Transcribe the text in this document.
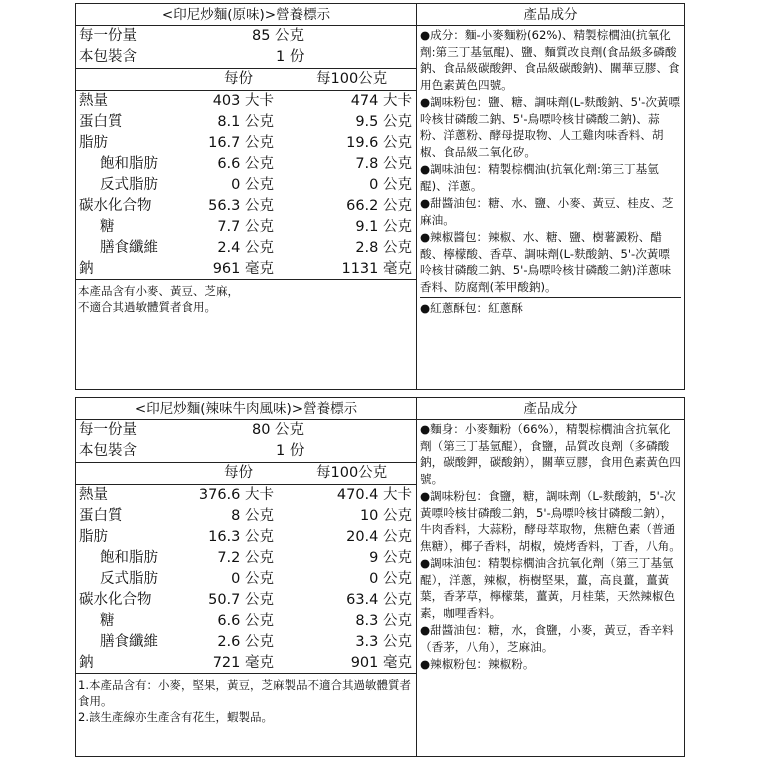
<印尼炒麵(原味)>營養標示
每一份量	85 公克
本包裝含	1 份
每份	每100公克
熱量	403 大卡	474 大卡
蛋白質	8.1 公克	9.5 公克
脂肪	16.7 公克	19.6 公克
飽和脂肪	6.6 公克	7.8 公克
反式脂肪	0 公克	0 公克
碳水化合物	56.3 公克	66.2 公克
糖	7.7 公克	9.1 公克
膳食纖維	2.4 公克	2.8 公克
鈉	961 毫克	1131 毫克

本產品含有小麥、黃豆、芝麻，

不適合其過敏體質者食用。

產品成分

●成分：麵-小麥麵粉(62%)、精製棕櫚油(抗氧化劑:第三丁基氫醌)、鹽、麵質改良劑(食品級多磷酸鈉、食品級碳酸鉀、食品級碳酸鈉)、關華豆膠、食用色素黃色四號。

●調味粉包：鹽、糖、調味劑(L-麩酸鈉、5'-次黃嘌呤核甘磷酸二鈉、5'-鳥嘌呤核甘磷酸二鈉)、蒜粉、洋蔥粉、酵母提取物、人工雞肉味香料、胡椒、食品級二氧化矽。

●調味油包：精製棕櫚油(抗氧化劑:第三丁基氫醌)、洋蔥。

●甜醬油包：糖、水、鹽、小麥、黃豆、桂皮、芝麻油。

●辣椒醬包：辣椒、水、糖、鹽、樹薯澱粉、醋酸、檸檬酸、香草、調味劑(L-麩酸鈉、5'-次黃嘌呤核甘磷酸二鈉、5'-鳥嘌呤核甘磷酸二鈉)洋蔥味香料、防腐劑(苯甲酸鈉)。

●紅蔥酥包：紅蔥酥

<印尼炒麵(辣味牛肉風味)>營養標示
每一份量	80 公克
本包裝含	1 份
每份	每100公克
熱量	376.6 大卡	470.4 大卡
蛋白質	8 公克	10 公克
脂肪	16.3 公克	20.4 公克
飽和脂肪	7.2 公克	9 公克
反式脂肪	0 公克	0 公克
碳水化合物	50.7 公克	63.4 公克
糖	6.6 公克	8.3 公克
膳食纖維	2.6 公克	3.3 公克
鈉	721 毫克	901 毫克

1.本產品含有：小麥，堅果，黃豆，芝麻製品不適合其過敏體質者食用。

2.該生產線亦生產含有花生，蝦製品。

產品成分

●麵身：小麥麵粉（66%），精製棕櫚油含抗氧化劑（第三丁基氫醌），食鹽，品質改良劑（多磷酸鈉，碳酸鉀，碳酸鈉），關華豆膠，食用色素黃色四號。

●調味粉包：食鹽，糖，調味劑（L-麩酸鈉，5'-次黃嘌呤核甘磷酸二鈉，5'-鳥嘌呤核甘磷酸二鈉），牛肉香料，大蒜粉，酵母萃取物，焦糖色素（普通焦糖），椰子香料，胡椒，燒烤香料，丁香，八角。

●調味油包：精製棕櫚油含抗氧化劑（第三丁基氫醌），洋蔥，辣椒，栴樹堅果，薑，高良薑，薑黃葉，香茅草，檸檬葉，薑黃，月桂葉，天然辣椒色素，咖哩香料。

●甜醬油包：糖，水，食鹽，小麥，黃豆，香辛料（香茅，八角），芝麻油。

●辣椒粉包：辣椒粉。
